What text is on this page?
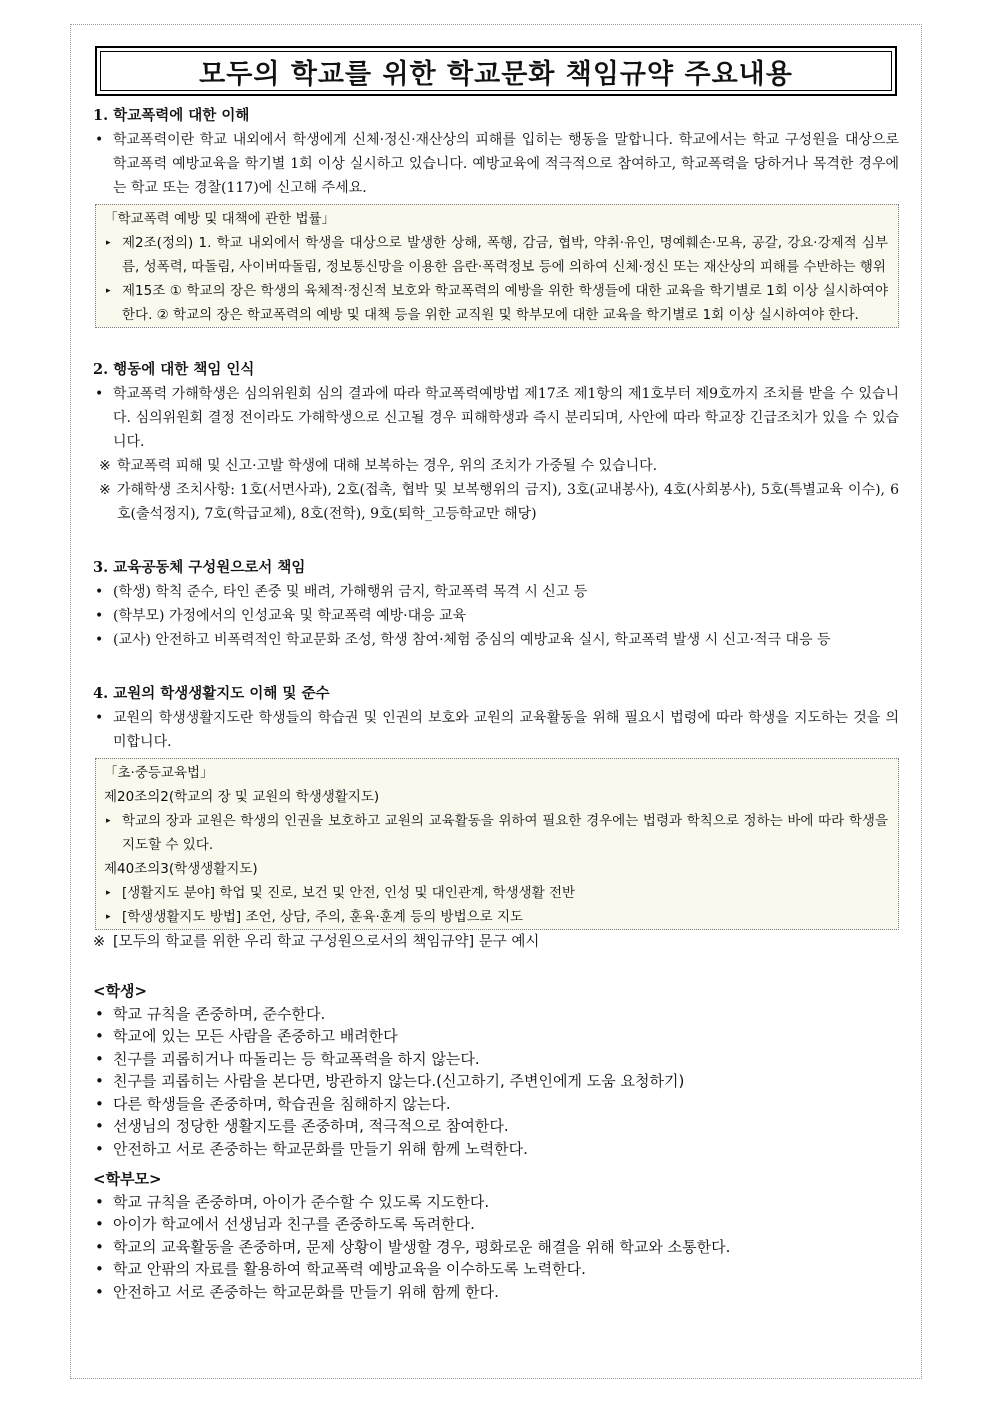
모두의 학교를 위한 학교문화 책임규약 주요내용
1. 학교폭력에 대한 이해
• 학교폭력이란 학교 내외에서 학생에게 신체·정신·재산상의 피해를 입히는 행동을 말합니다. 학교에서는 학교 구성원을 대상으로 학교폭력 예방교육을 학기별 1회 이상 실시하고 있습니다. 예방교육에 적극적으로 참여하고, 학교폭력을 당하거나 목격한 경우에는 학교 또는 경찰(117)에 신고해 주세요.
「학교폭력 예방 및 대책에 관한 법률」
▸ 제2조(정의) 1. 학교 내외에서 학생을 대상으로 발생한 상해, 폭행, 감금, 협박, 약취·유인, 명예훼손·모욕, 공갈, 강요·강제적 심부름, 성폭력, 따돌림, 사이버따돌림, 정보통신망을 이용한 음란·폭력정보 등에 의하여 신체·정신 또는 재산상의 피해를 수반하는 행위
▸ 제15조 ① 학교의 장은 학생의 육체적·정신적 보호와 학교폭력의 예방을 위한 학생들에 대한 교육을 학기별로 1회 이상 실시하여야 한다. ② 학교의 장은 학교폭력의 예방 및 대책 등을 위한 교직원 및 학부모에 대한 교육을 학기별로 1회 이상 실시하여야 한다.
2. 행동에 대한 책임 인식
• 학교폭력 가해학생은 심의위원회 심의 결과에 따라 학교폭력예방법 제17조 제1항의 제1호부터 제9호까지 조치를 받을 수 있습니다. 심의위원회 결정 전이라도 가해학생으로 신고될 경우 피해학생과 즉시 분리되며, 사안에 따라 학교장 긴급조치가 있을 수 있습니다.
※ 학교폭력 피해 및 신고·고발 학생에 대해 보복하는 경우, 위의 조치가 가중될 수 있습니다.
※ 가해학생 조치사항: 1호(서면사과), 2호(접촉, 협박 및 보복행위의 금지), 3호(교내봉사), 4호(사회봉사), 5호(특별교육 이수), 6호(출석정지), 7호(학급교체), 8호(전학), 9호(퇴학_고등학교만 해당)
3. 교육공동체 구성원으로서 책임
• (학생) 학칙 준수, 타인 존중 및 배려, 가해행위 금지, 학교폭력 목격 시 신고 등
• (학부모) 가정에서의 인성교육 및 학교폭력 예방·대응 교육
• (교사) 안전하고 비폭력적인 학교문화 조성, 학생 참여·체험 중심의 예방교육 실시, 학교폭력 발생 시 신고·적극 대응 등
4. 교원의 학생생활지도 이해 및 준수
• 교원의 학생생활지도란 학생들의 학습권 및 인권의 보호와 교원의 교육활동을 위해 필요시 법령에 따라 학생을 지도하는 것을 의미합니다.
「초·중등교육법」
제20조의2(학교의 장 및 교원의 학생생활지도)
▸ 학교의 장과 교원은 학생의 인권을 보호하고 교원의 교육활동을 위하여 필요한 경우에는 법령과 학칙으로 정하는 바에 따라 학생을 지도할 수 있다.
제40조의3(학생생활지도)
▸ [생활지도 분야] 학업 및 진로, 보건 및 안전, 인성 및 대인관계, 학생생활 전반
▸ [학생생활지도 방법] 조언, 상담, 주의, 훈육·훈계 등의 방법으로 지도
※ [모두의 학교를 위한 우리 학교 구성원으로서의 책임규약] 문구 예시
<학생>
• 학교 규칙을 존중하며, 준수한다.
• 학교에 있는 모든 사람을 존중하고 배려한다
• 친구를 괴롭히거나 따돌리는 등 학교폭력을 하지 않는다.
• 친구를 괴롭히는 사람을 본다면, 방관하지 않는다.(신고하기, 주변인에게 도움 요청하기)
• 다른 학생들을 존중하며, 학습권을 침해하지 않는다.
• 선생님의 정당한 생활지도를 존중하며, 적극적으로 참여한다.
• 안전하고 서로 존중하는 학교문화를 만들기 위해 함께 노력한다.
<학부모>
• 학교 규칙을 존중하며, 아이가 준수할 수 있도록 지도한다.
• 아이가 학교에서 선생님과 친구를 존중하도록 독려한다.
• 학교의 교육활동을 존중하며, 문제 상황이 발생할 경우, 평화로운 해결을 위해 학교와 소통한다.
• 학교 안팎의 자료를 활용하여 학교폭력 예방교육을 이수하도록 노력한다.
• 안전하고 서로 존중하는 학교문화를 만들기 위해 함께 한다.
